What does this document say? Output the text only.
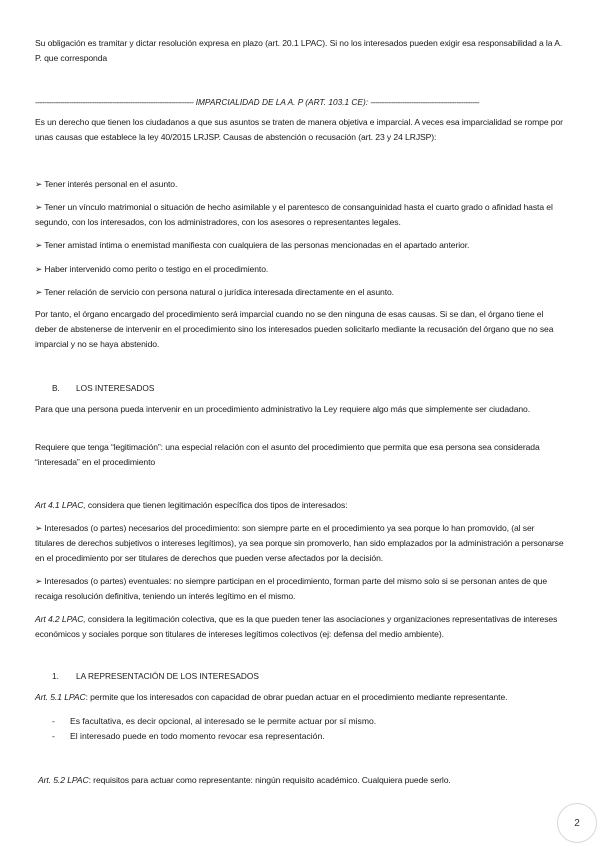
Su obligación es tramitar y dictar resolución expresa en plazo (art. 20.1 LPAC). Si no los interesados pueden exigir esa responsabilidad a la A. P. que corresponda

---------------------------------------------------------------------- IMPARCIALIDAD DE LA A. P (ART. 103.1 CE): ------------------------------------------------

Es un derecho que tienen los ciudadanos a que sus asuntos se traten de manera objetiva e imparcial. A veces esa imparcialidad se rompe por unas causas que establece la ley 40/2015 LRJSP. Causas de abstención o recusación (art. 23 y 24 LRJSP):

➢ Tener interés personal en el asunto.

➢ Tener un vínculo matrimonial o situación de hecho asimilable y el parentesco de consanguinidad hasta el cuarto grado o afinidad hasta el segundo, con los interesados, con los administradores, con los asesores o representantes legales.

➢ Tener amistad íntima o enemistad manifiesta con cualquiera de las personas mencionadas en el apartado anterior.

➢ Haber intervenido como perito o testigo en el procedimiento.

➢ Tener relación de servicio con persona natural o jurídica interesada directamente en el asunto.

Por tanto, el órgano encargado del procedimiento será imparcial cuando no se den ninguna de esas causas. Si se dan, el órgano tiene el deber de abstenerse de intervenir en el procedimiento sino los interesados pueden solicitarlo mediante la recusación del órgano que no sea imparcial y no se haya abstenido.

B. LOS INTERESADOS

Para que una persona pueda intervenir en un procedimiento administrativo la Ley requiere algo más que simplemente ser ciudadano.

Requiere que tenga “legitimación”: una especial relación con el asunto del procedimiento que permita que esa persona sea considerada “interesada” en el procedimiento

Art 4.1 LPAC, considera que tienen legitimación específica dos tipos de interesados:

➢ Interesados (o partes) necesarios del procedimiento: son siempre parte en el procedimiento ya sea porque lo han promovido, (al ser titulares de derechos subjetivos o intereses legítimos), ya sea porque sin promoverlo, han sido emplazados por la administración a personarse en el procedimiento por ser titulares de derechos que pueden verse afectados por la decisión.

➢ Interesados (o partes) eventuales: no siempre participan en el procedimiento, forman parte del mismo solo si se personan antes de que recaiga resolución definitiva, teniendo un interés legítimo en el mismo.

Art 4.2 LPAC, considera la legitimación colectiva, que es la que pueden tener las asociaciones y organizaciones representativas de intereses económicos y sociales porque son titulares de intereses legítimos colectivos (ej: defensa del medio ambiente).

1. LA REPRESENTACIÓN DE LOS INTERESADOS

Art. 5.1 LPAC: permite que los interesados con capacidad de obrar puedan actuar en el procedimiento mediante representante.

- Es facultativa, es decir opcional, al interesado se le permite actuar por sí mismo.
- El interesado puede en todo momento revocar esa representación.

Art. 5.2 LPAC: requisitos para actuar como representante: ningún requisito académico. Cualquiera puede serlo.

2
